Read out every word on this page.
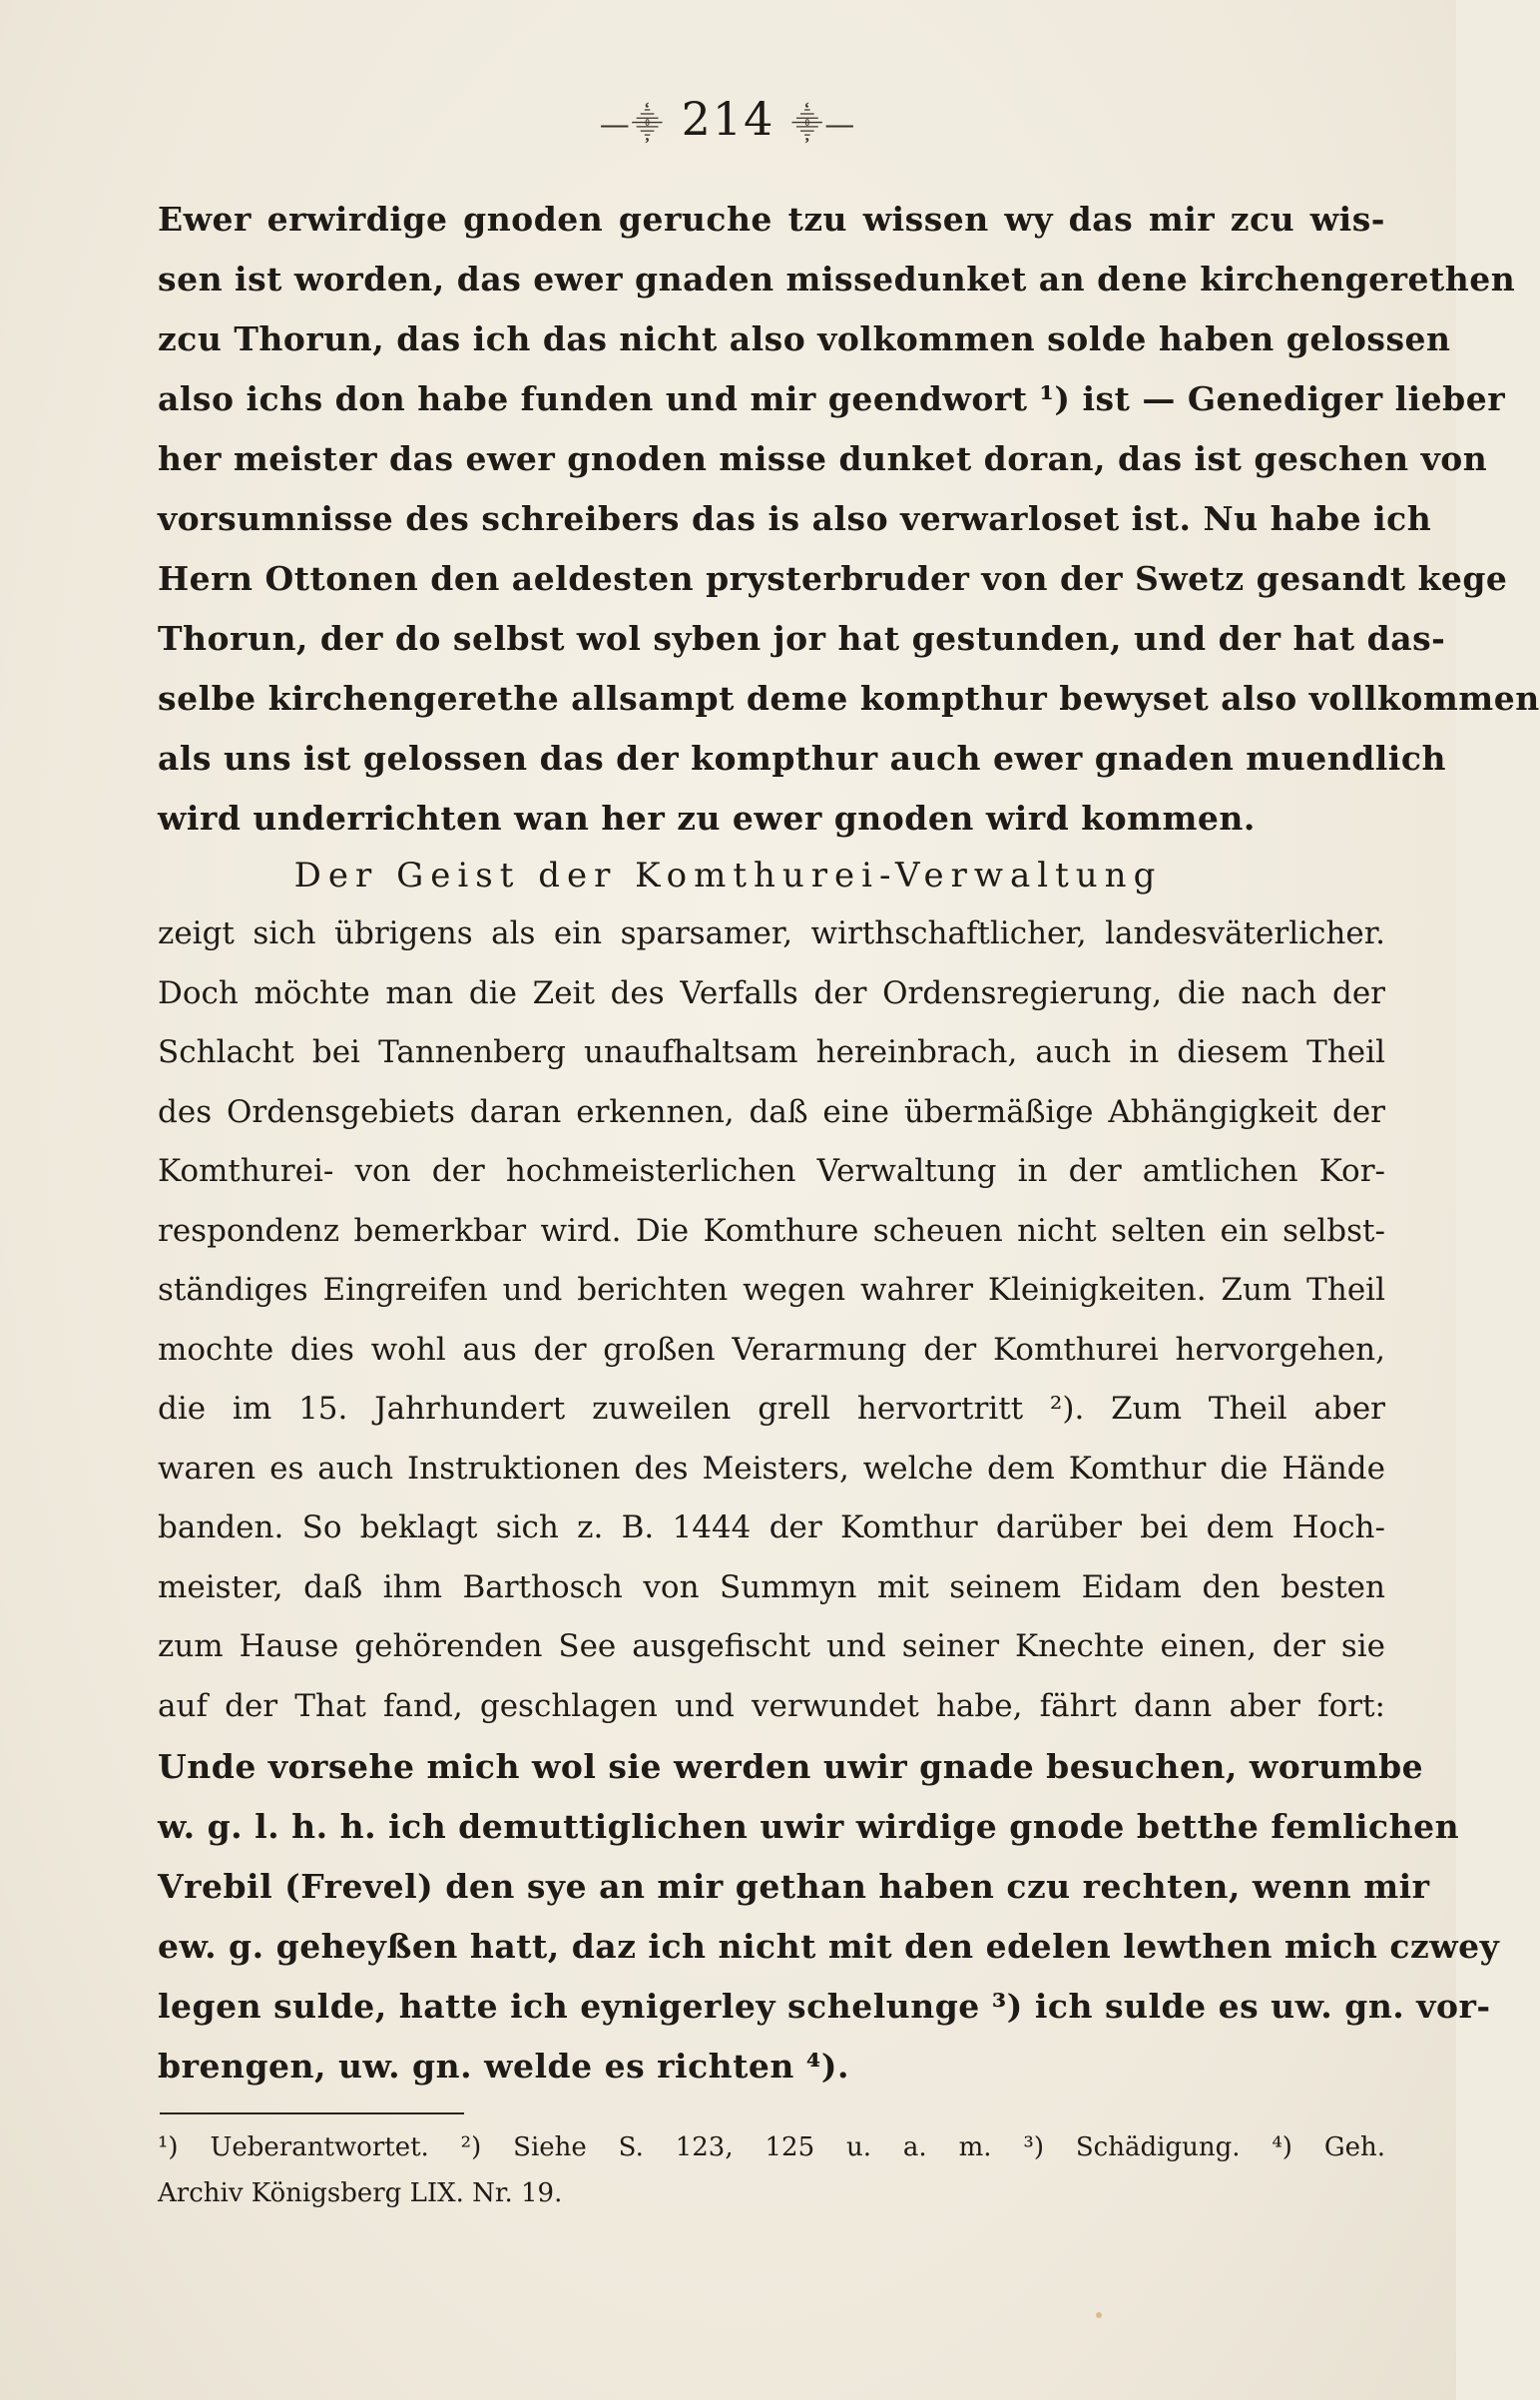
—⸎ 214 ⸎—
Ewer erwirdige gnoden geruche tzu wissen wy das mir zcu wis-
sen ist worden, das ewer gnaden missedunket an dene kirchengerethen
zcu Thorun, das ich das nicht also volkommen solde haben gelossen
also ichs don habe funden und mir geendwort ¹) ist — Genediger lieber
her meister das ewer gnoden misse dunket doran, das ist geschen von
vorsumnisse des schreibers das is also verwarloset ist. Nu habe ich
Hern Ottonen den aeldesten prysterbruder von der Swetz gesandt kege
Thorun, der do selbst wol syben jor hat gestunden, und der hat das-
selbe kirchengerethe allsampt deme kompthur bewyset also vollkommen
als uns ist gelossen das der kompthur auch ewer gnaden muendlich
wird underrichten wan her zu ewer gnoden wird kommen.
Der Geist der Komthurei-Verwaltung
zeigt sich übrigens als ein sparsamer, wirthschaftlicher, landesväterlicher.
Doch möchte man die Zeit des Verfalls der Ordensregierung, die nach der
Schlacht bei Tannenberg unaufhaltsam hereinbrach, auch in diesem Theil
des Ordensgebiets daran erkennen, daß eine übermäßige Abhängigkeit der
Komthurei- von der hochmeisterlichen Verwaltung in der amtlichen Kor-
respondenz bemerkbar wird. Die Komthure scheuen nicht selten ein selbst-
ständiges Eingreifen und berichten wegen wahrer Kleinigkeiten. Zum Theil
mochte dies wohl aus der großen Verarmung der Komthurei hervorgehen,
die im 15. Jahrhundert zuweilen grell hervortritt ²). Zum Theil aber
waren es auch Instruktionen des Meisters, welche dem Komthur die Hände
banden. So beklagt sich z. B. 1444 der Komthur darüber bei dem Hoch-
meister, daß ihm Barthosch von Summyn mit seinem Eidam den besten
zum Hause gehörenden See ausgefischt und seiner Knechte einen, der sie
auf der That fand, geschlagen und verwundet habe, fährt dann aber fort:
Unde vorsehe mich wol sie werden uwir gnade besuchen, worumbe
w. g. l. h. h. ich demuttiglichen uwir wirdige gnode betthe femlichen
Vrebil (Frevel) den sye an mir gethan haben czu rechten, wenn mir
ew. g. geheyßen hatt, daz ich nicht mit den edelen lewthen mich czwey
legen sulde, hatte ich eynigerley schelunge ³) ich sulde es uw. gn. vor-
brengen, uw. gn. welde es richten ⁴).
¹) Ueberantwortet. ²) Siehe S. 123, 125 u. a. m. ³) Schädigung. ⁴) Geh.
Archiv Königsberg LIX. Nr. 19.
